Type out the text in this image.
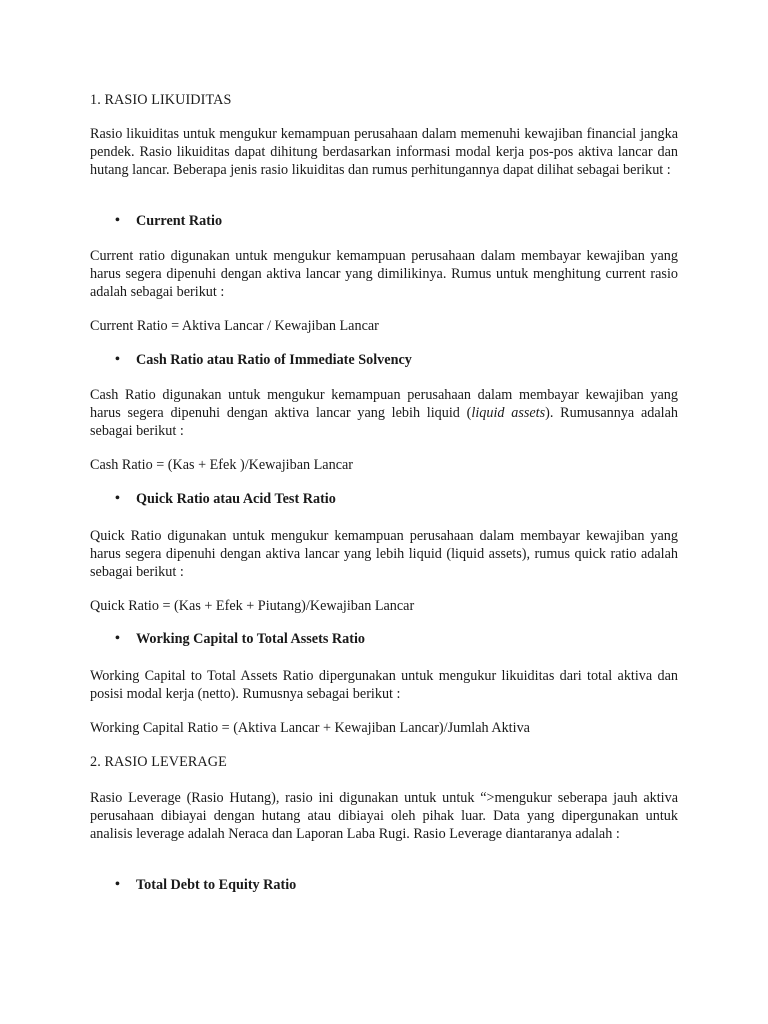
1. RASIO LIKUIDITAS
Rasio likuiditas untuk mengukur kemampuan perusahaan dalam memenuhi kewajiban financial jangka pendek. Rasio likuiditas dapat dihitung berdasarkan informasi modal kerja pos-pos aktiva lancar dan hutang lancar. Beberapa jenis rasio likuiditas dan rumus perhitungannya dapat dilihat sebagai berikut :
• Current Ratio
Current ratio digunakan untuk mengukur kemampuan perusahaan dalam membayar kewajiban yang harus segera dipenuhi dengan aktiva lancar yang dimilikinya. Rumus untuk menghitung current rasio adalah sebagai berikut :
Current Ratio = Aktiva Lancar / Kewajiban Lancar
• Cash Ratio atau Ratio of Immediate Solvency
Cash Ratio digunakan untuk mengukur kemampuan perusahaan dalam membayar kewajiban yang harus segera dipenuhi dengan aktiva lancar yang lebih liquid (liquid assets). Rumusannya adalah sebagai berikut :
Cash Ratio = (Kas + Efek )/Kewajiban Lancar
• Quick Ratio atau Acid Test Ratio
Quick Ratio digunakan untuk mengukur kemampuan perusahaan dalam membayar kewajiban yang harus segera dipenuhi dengan aktiva lancar yang lebih liquid (liquid assets), rumus quick ratio adalah sebagai berikut :
Quick Ratio = (Kas + Efek + Piutang)/Kewajiban Lancar
• Working Capital to Total Assets Ratio
Working Capital to Total Assets Ratio dipergunakan untuk mengukur likuiditas dari total aktiva dan posisi modal kerja (netto). Rumusnya sebagai berikut :
Working Capital Ratio = (Aktiva Lancar + Kewajiban Lancar)/Jumlah Aktiva
2. RASIO LEVERAGE
Rasio Leverage (Rasio Hutang), rasio ini digunakan untuk untuk “>mengukur seberapa jauh aktiva perusahaan dibiayai dengan hutang atau dibiayai oleh pihak luar. Data yang dipergunakan untuk analisis leverage adalah Neraca dan Laporan Laba Rugi. Rasio Leverage diantaranya adalah :
• Total Debt to Equity Ratio
